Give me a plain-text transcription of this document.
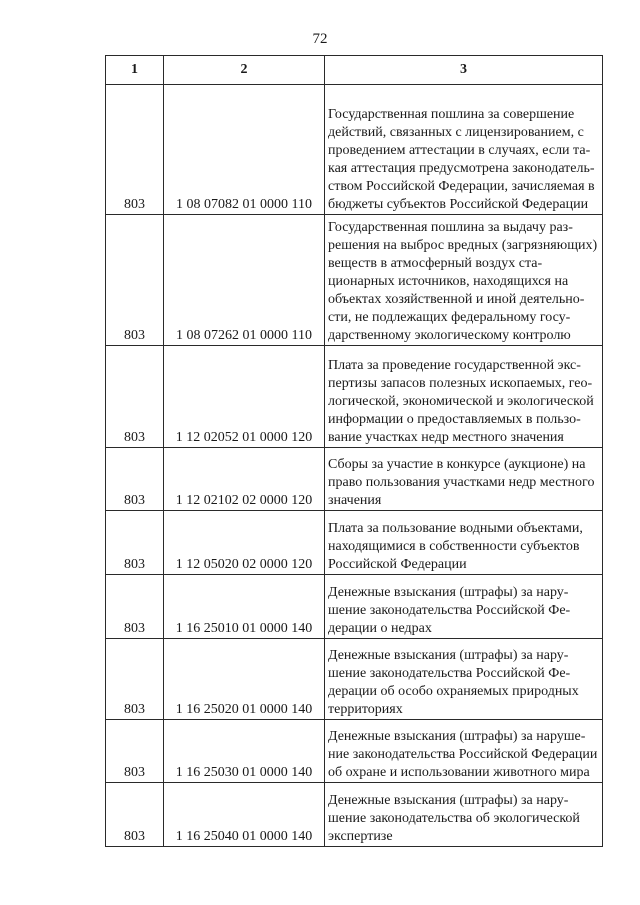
72
1	2	3
803	1 08 07082 01 0000 110	Государственная пошлина за совершение действий, связанных с лицензированием, с проведением аттестации в случаях, если такая аттестация предусмотрена законодательством Российской Федерации, зачисляемая в бюджеты субъектов Российской Федерации
803	1 08 07262 01 0000 110	Государственная пошлина за выдачу разрешения на выброс вредных (загрязняющих) веществ в атмосферный воздух стационарных источников, находящихся на объектах хозяйственной и иной деятельности, не подлежащих федеральному государственному экологическому контролю
803	1 12 02052 01 0000 120	Плата за проведение государственной экспертизы запасов полезных ископаемых, геологической, экономической и экологической информации о предоставляемых в пользование участках недр местного значения
803	1 12 02102 02 0000 120	Сборы за участие в конкурсе (аукционе) на право пользования участками недр местного значения
803	1 12 05020 02 0000 120	Плата за пользование водными объектами, находящимися в собственности субъектов Российской Федерации
803	1 16 25010 01 0000 140	Денежные взыскания (штрафы) за нарушение законодательства Российской Федерации о недрах
803	1 16 25020 01 0000 140	Денежные взыскания (штрафы) за нарушение законодательства Российской Федерации об особо охраняемых природных территориях
803	1 16 25030 01 0000 140	Денежные взыскания (штрафы) за нарушение законодательства Российской Федерации об охране и использовании животного мира
803	1 16 25040 01 0000 140	Денежные взыскания (штрафы) за нарушение законодательства об экологической экспертизе
